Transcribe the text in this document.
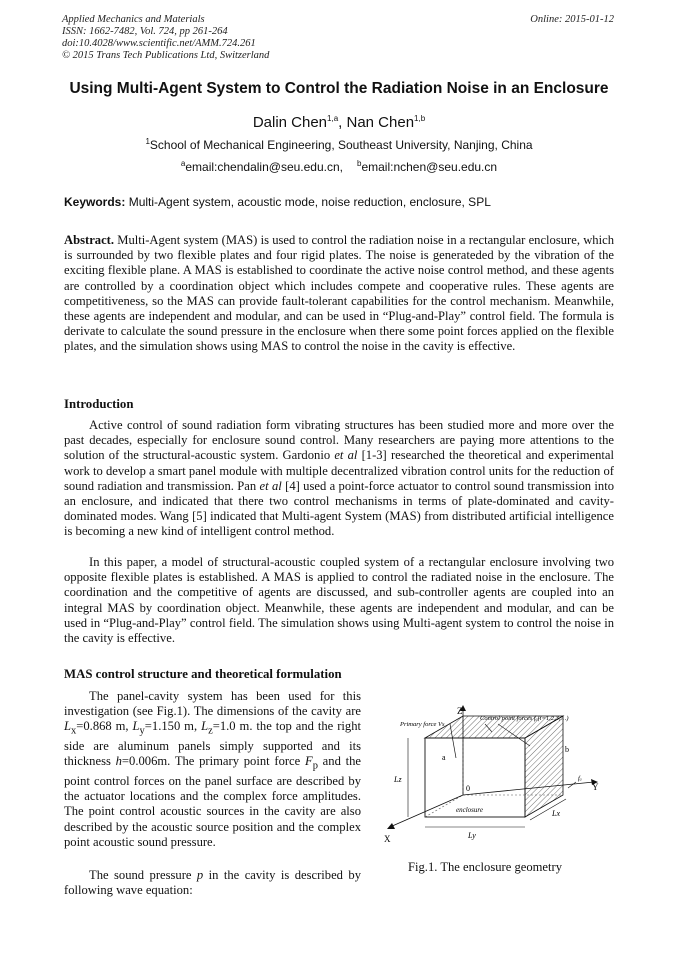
Applied Mechanics and Materials
ISSN: 1662-7482, Vol. 724, pp 261-264
doi:10.4028/www.scientific.net/AMM.724.261
© 2015 Trans Tech Publications Ltd, Switzerland
Online: 2015-01-12
Using Multi-Agent System to Control the Radiation Noise in an Enclosure
Dalin Chen$^{1,a}$, Nan Chen$^{1,b}$
$^1$School of Mechanical Engineering, Southeast University, Nanjing, China
$^a$email:chendalin@seu.edu.cn, $^b$email:nchen@seu.edu.cn
Keywords: Multi-Agent system, acoustic mode, noise reduction, enclosure, SPL

Abstract. Multi-Agent system (MAS) is used to control the radiation noise in a rectangular enclosure, which is surrounded by two flexible plates and four rigid plates. The noise is generateded by the vibration of the exciting flexible plane. A MAS is established to coordinate the active noise control method, and these agents are controlled by a coordination object which includes compete and cooperative rules. These agents are competitiveness, so the MAS can provide fault-tolerant capabilities for the control mechanism. Meanwhile, these agents are independent and modular, and can be used in “Plug-and-Play” control field. The formula is derivate to calculate the sound pressure in the enclosure when there some point forces applied on the flexible plates, and the simulation shows using MAS to control the noise in the cavity is effective.

Introduction

Active control of sound radiation form vibrating structures has been studied more and more over the past decades, especially for enclosure sound control. Many researchers are paying more attentions to the solution of the structural-acoustic system. Gardonio et al [1-3] researched the theoretical and experimental work to develop a smart panel module with multiple decentralized vibration control units for the reduction of sound radiation and transmission. Pan et al [4] used a point-force actuator to control sound transmission into an enclosure, and indicated that there two control mechanisms in terms of plate-dominated and cavity-dominated modes. Wang [5] indicated that Multi-agent System (MAS) from distributed artificial intelligence is becoming a new kind of intelligent control method.

In this paper, a model of structural-acoustic coupled system of a rectangular enclosure involving two opposite flexible plates is established. A MAS is applied to control the radiated noise in the enclosure. The coordination and the competitive of agents are discussed, and sub-controller agents are coupled into an integral MAS by coordination object. Meanwhile, these agents are independent and modular, and can be used in “Plug-and-Play” control field. The simulation shows using Multi-agent system to control the noise in the cavity is effective.

MAS control structure and theoretical formulation

The panel-cavity system has been used for this investigation (see Fig.1). The dimensions of the cavity are $L_x=0.868$ m, $L_y=1.150$ m, $L_z=1.0$ m. the top and the right side are aluminum panels simply supported and its thickness h=0.006m. The primary point force $F_p$ and the point control forces on the panel surface are described by the actuator locations and the complex force amplitudes. The point control acoustic sources in the cavity are also described by the acoustic source position and the complex point acoustic sound pressure.

The sound pressure p in the cavity is described by following wave equation:

Z
Primary force Vs
Control point forces fₐ(i=1,2,3,…)
a
b
0
Lz
enclosure
Ly
Lx
Y
X
fₐ
Fig.1. The enclosure geometry
